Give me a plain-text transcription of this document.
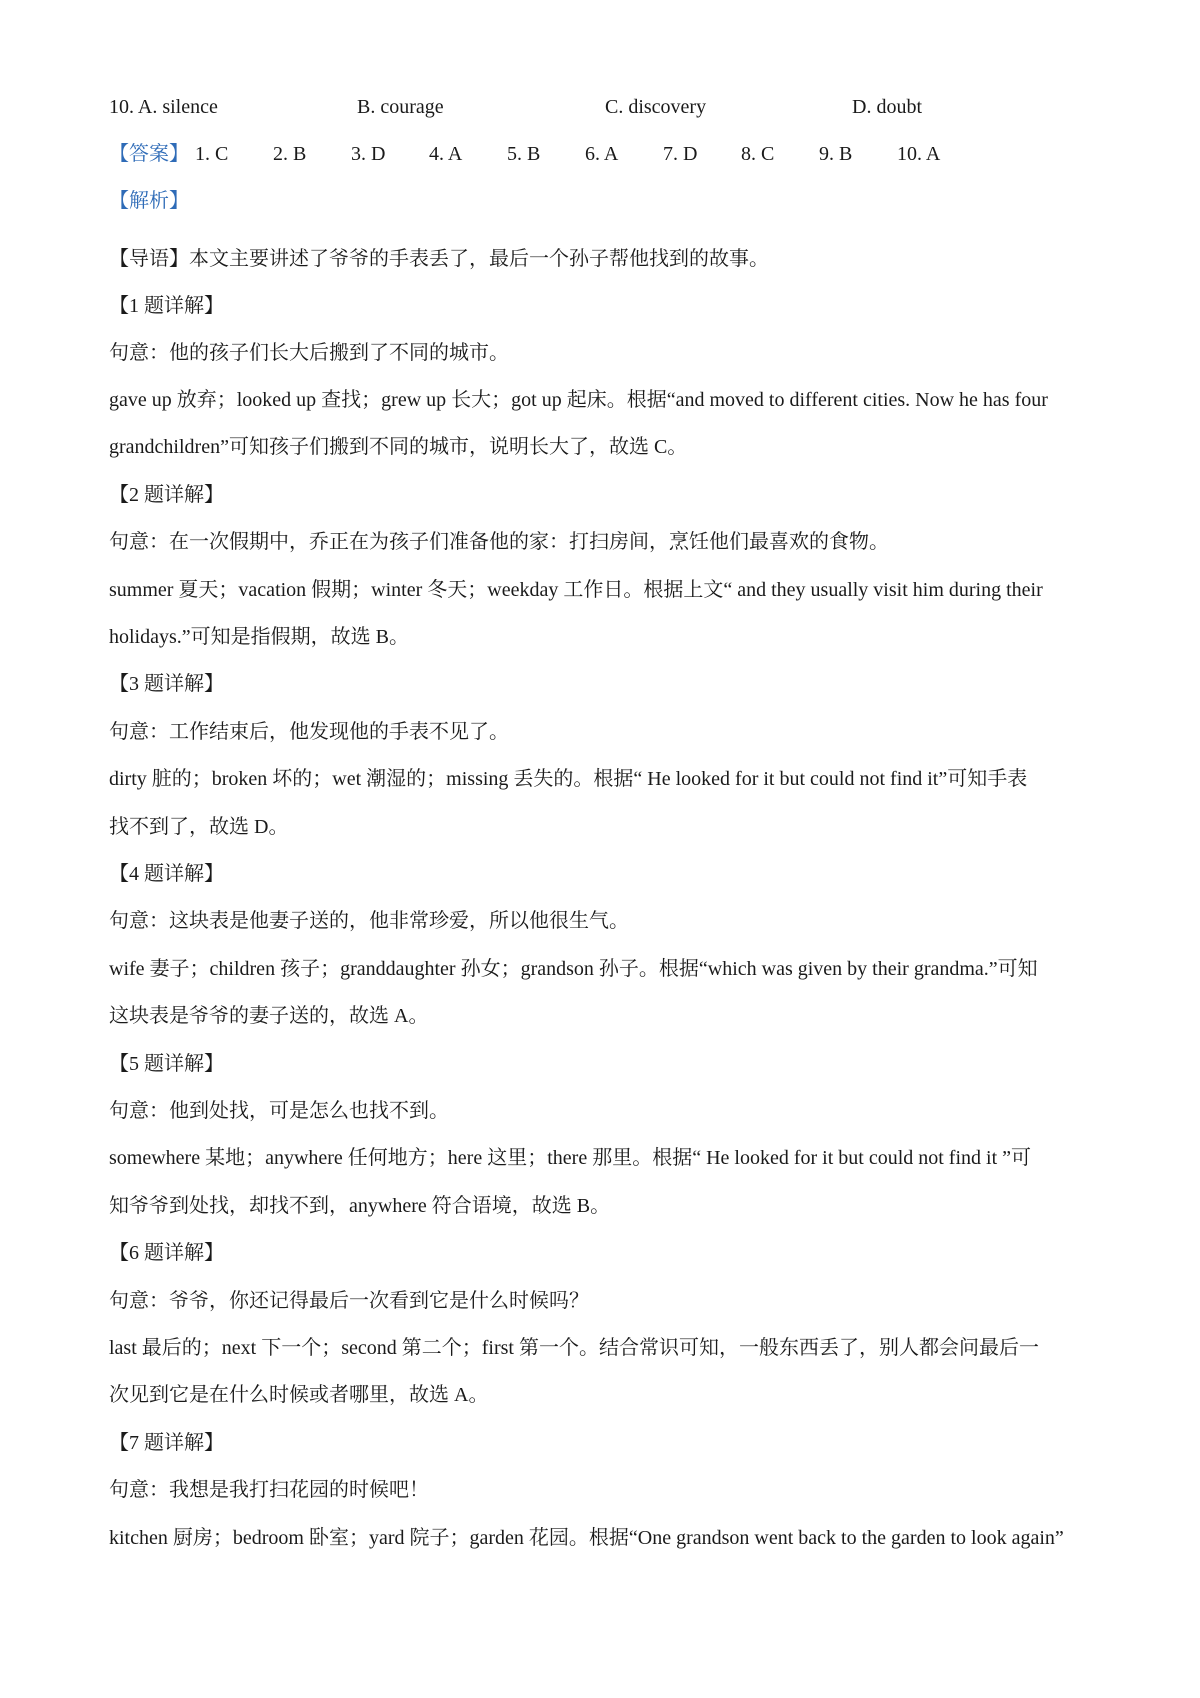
10. A. silence	B. courage	C. discovery	D. doubt
【答案】 1. C 2. B 3. D 4. A 5. B 6. A 7. D 8. C 9. B 10. A
【解析】
【导语】本文主要讲述了爷爷的手表丢了，最后一个孙子帮他找到的故事。
【1 题详解】
句意：他的孩子们长大后搬到了不同的城市。
gave up 放弃；looked up 查找；grew up 长大；got up 起床。根据“and moved to different cities. Now he has four
grandchildren”可知孩子们搬到不同的城市，说明长大了，故选 C。
【2 题详解】
句意：在一次假期中，乔正在为孩子们准备他的家：打扫房间，烹饪他们最喜欢的食物。
summer 夏天；vacation 假期；winter 冬天；weekday 工作日。根据上文“ and they usually visit him during their
holidays.”可知是指假期，故选 B。
【3 题详解】
句意：工作结束后，他发现他的手表不见了。
dirty 脏的；broken 坏的；wet 潮湿的；missing 丢失的。根据“ He looked for it but could not find it”可知手表
找不到了，故选 D。
【4 题详解】
句意：这块表是他妻子送的，他非常珍爱，所以他很生气。
wife 妻子；children 孩子；granddaughter 孙女；grandson 孙子。根据“which was given by their grandma.”可知
这块表是爷爷的妻子送的，故选 A。
【5 题详解】
句意：他到处找，可是怎么也找不到。
somewhere 某地；anywhere 任何地方；here 这里；there 那里。根据“ He looked for it but could not find it ”可
知爷爷到处找，却找不到，anywhere 符合语境，故选 B。
【6 题详解】
句意：爷爷，你还记得最后一次看到它是什么时候吗？
last 最后的；next 下一个；second 第二个；first 第一个。结合常识可知，一般东西丢了，别人都会问最后一
次见到它是在什么时候或者哪里，故选 A。
【7 题详解】
句意：我想是我打扫花园的时候吧！
kitchen 厨房；bedroom 卧室；yard 院子；garden 花园。根据“One grandson went back to the garden to look again”
